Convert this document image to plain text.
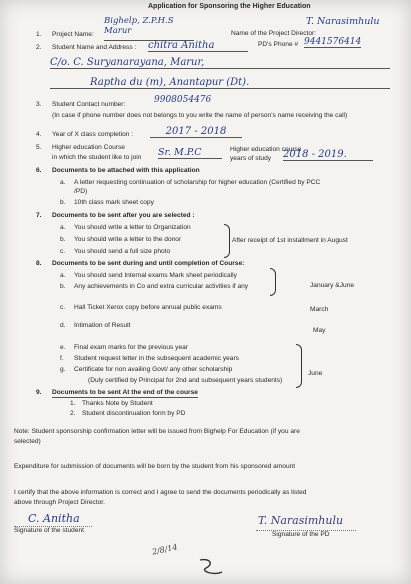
Application for Sponsoring the Higher Education
1. Project Name:
Bighelp, Z.P.H.S Marur	Name of the Project Director:
T. Narasimhulu
PD's Phone # 9441576414
2. Student Name and Address : chitra Anitha
C/o. C. Suryanarayana, Marur,
Raptha du (m), Anantapur (Dt).
3. Student Contact number:	9908054476
(In case if phone number does not belongs to you write the name of person's name receiving the call)
4. Year of X class completion :	2017 - 2018
5. Higher education Course
in which the student like to join Sr. M.P.C	Higher education course
years of study 2018 - 2019.
6. Documents to be attached with this application
a. A letter requesting continuation of scholarship for higher education (Certified by PCC
/PD)
b. 10th class mark sheet copy
7. Documents to be sent after you are selected :
a. You should write a letter to Organization
b. You should write a letter to the donor
c. You should send a full size photo
After receipt of 1st installment in August
8. Documents to be sent during and until completion of Course:
a. You should send Internal exams Mark sheet periodically
b. Any achievements in Co and extra curricular activities if any	January &June
c. Hall Ticket Xerox copy before annual public exams	March
d. Intimation of Result
May
e. Final exam marks for the previous year
f. Student request letter in the subsequent academic years
g. Certificate for non availing Govt/ any other scholarship
(Duly certified by Principal for 2nd and subsequent years students)
June
9. Documents to be sent At the end of the course
1. Thanks Note by Student
2. Student discontinuation form by PD
Note: Student sponsorship confirmation letter will be issued from Bighelp For Education (if you are
selected)
Expenditure for submission of documents will be born by the student from his sponsored amount
I certify that the above information is correct and I agree to send the documents periodically as listed
above through Project Director.
C. Anitha
Signature of the student
T. Narasimhulu
Signature of the PD
2/8/14
